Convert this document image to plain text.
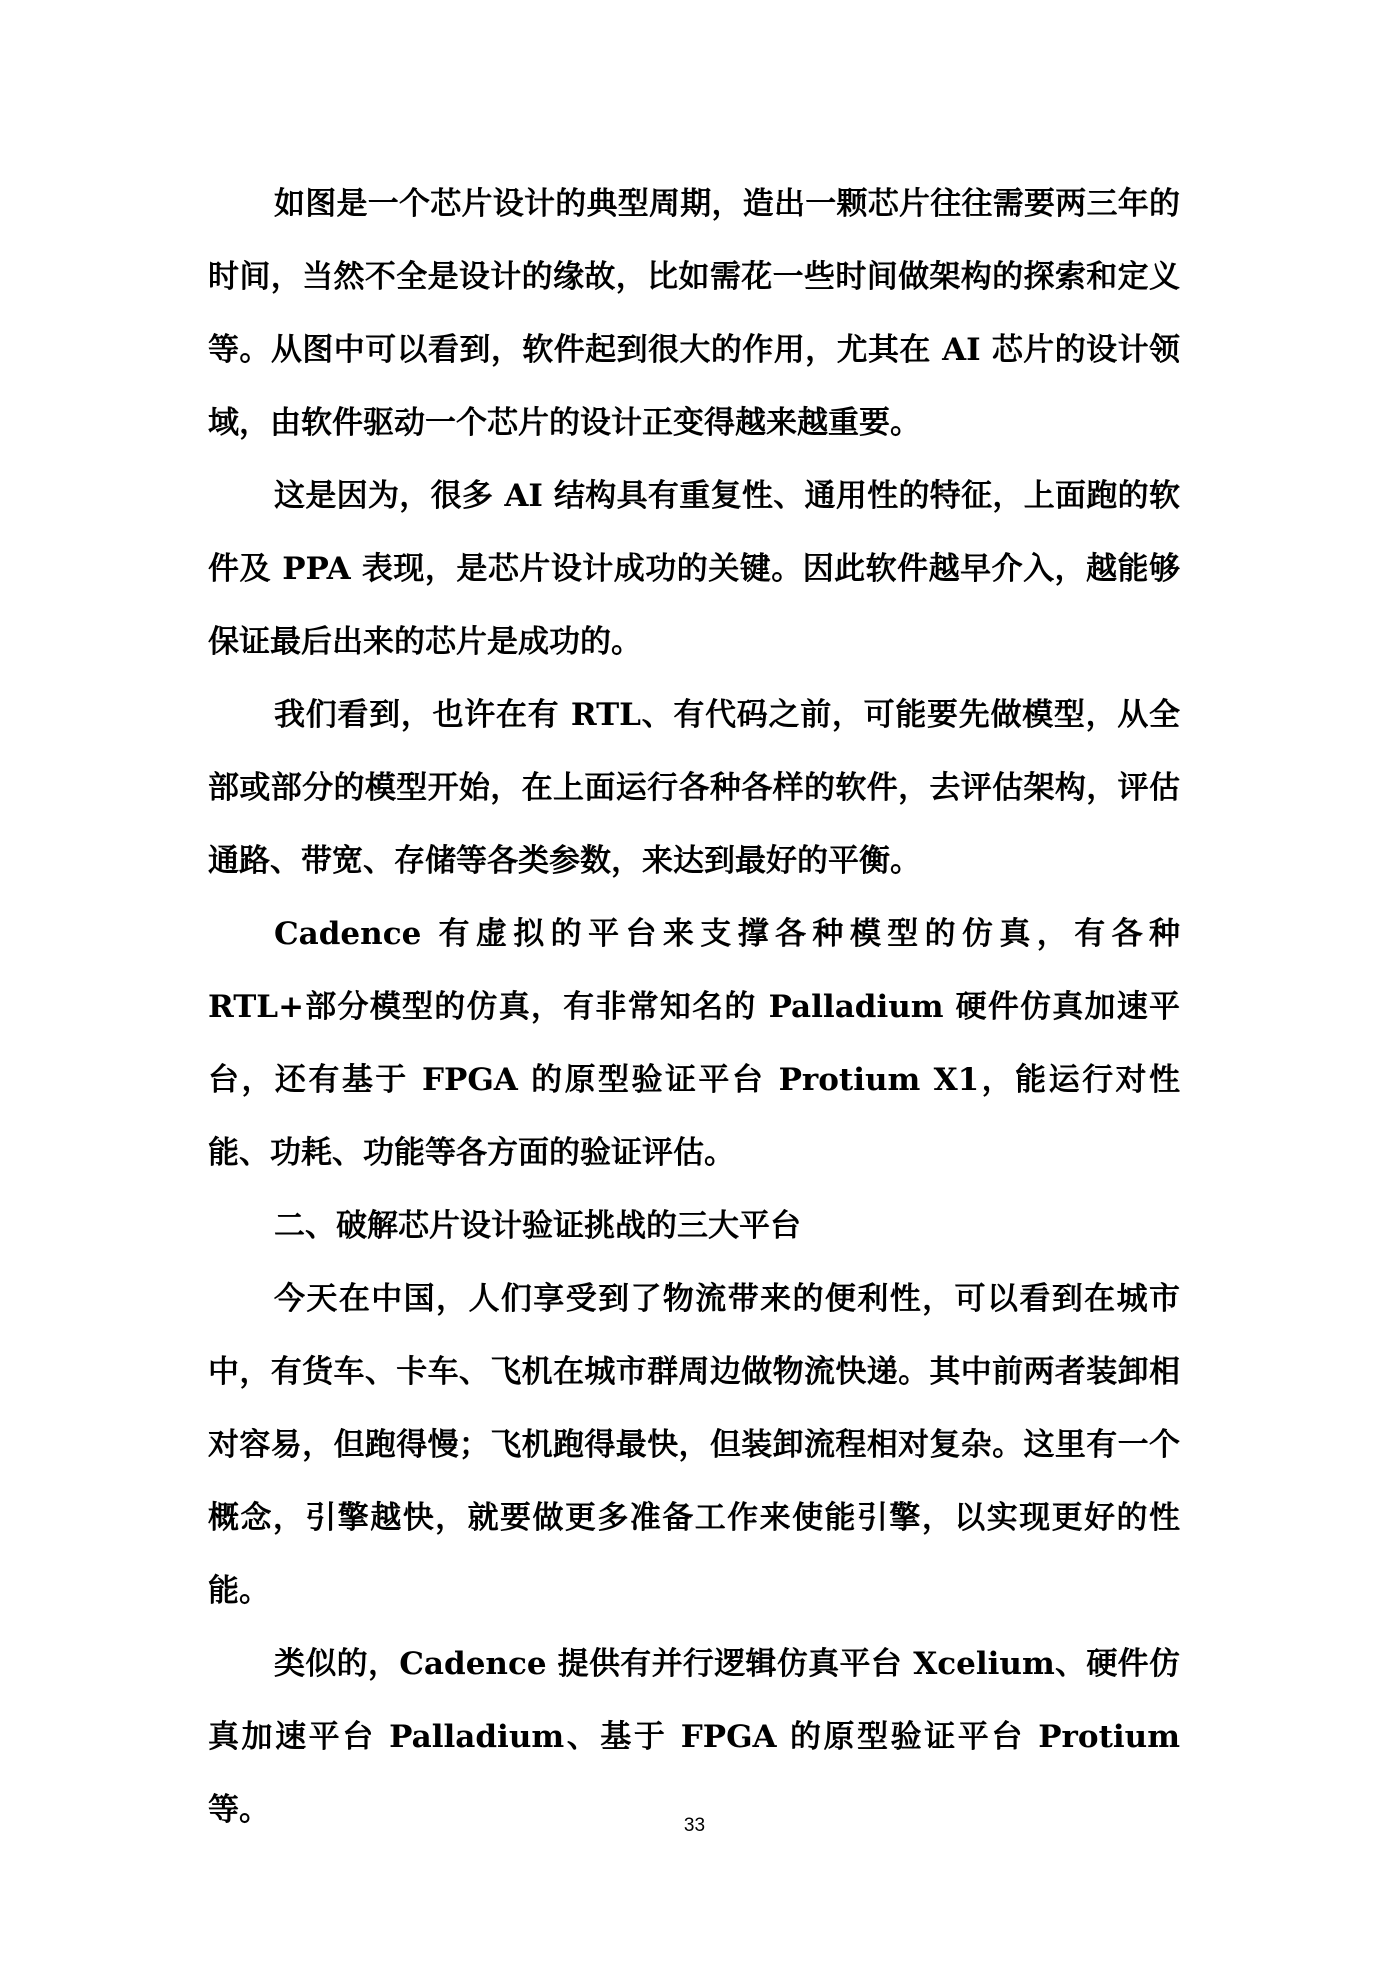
如图是一个芯片设计的典型周期，造出一颗芯片往往需要两三年的时间，当然不全是设计的缘故，比如需花一些时间做架构的探索和定义等。从图中可以看到，软件起到很大的作用，尤其在 AI 芯片的设计领域，由软件驱动一个芯片的设计正变得越来越重要。

这是因为，很多 AI 结构具有重复性、通用性的特征，上面跑的软件及 PPA 表现，是芯片设计成功的关键。因此软件越早介入，越能够保证最后出来的芯片是成功的。

我们看到，也许在有 RTL、有代码之前，可能要先做模型，从全部或部分的模型开始，在上面运行各种各样的软件，去评估架构，评估通路、带宽、存储等各类参数，来达到最好的平衡。

Cadence 有虚拟的平台来支撑各种模型的仿真，有各种 RTL+部分模型的仿真，有非常知名的 Palladium 硬件仿真加速平台，还有基于 FPGA 的原型验证平台 Protium X1，能运行对性能、功耗、功能等各方面的验证评估。

二、破解芯片设计验证挑战的三大平台

今天在中国，人们享受到了物流带来的便利性，可以看到在城市中，有货车、卡车、飞机在城市群周边做物流快递。其中前两者装卸相对容易，但跑得慢；飞机跑得最快，但装卸流程相对复杂。这里有一个概念，引擎越快，就要做更多准备工作来使能引擎，以实现更好的性能。

类似的，Cadence 提供有并行逻辑仿真平台 Xcelium、硬件仿真加速平台 Palladium、基于 FPGA 的原型验证平台 Protium 等。	33
